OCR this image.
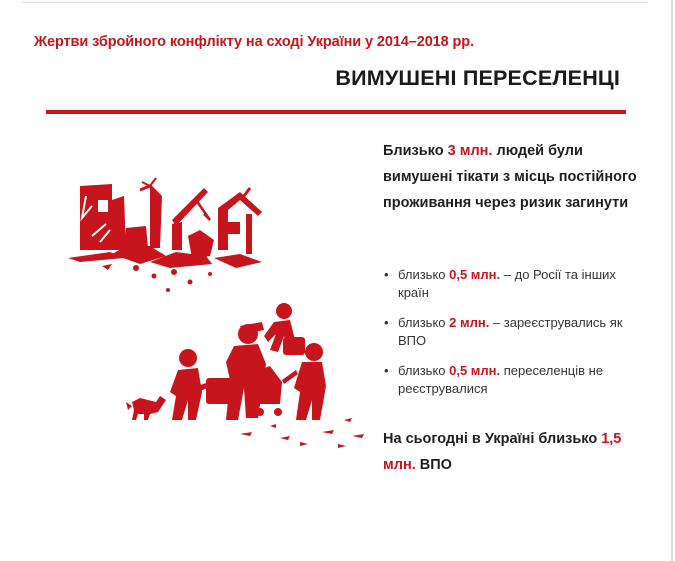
Жертви збройного конфлікту на сході України у 2014–2018 рр.
ВИМУШЕНІ ПЕРЕСЕЛЕНЦІ
Близько 3 млн. людей були вимушені тікати з місць постійного проживання через ризик загинути
• близько 0,5 млн. – до Росії та інших країн
• близько 2 млн. – зареєструвались як ВПО
• близько 0,5 млн. переселенців не реєструвалися
На сьогодні в Україні близько 1,5 млн. ВПО
